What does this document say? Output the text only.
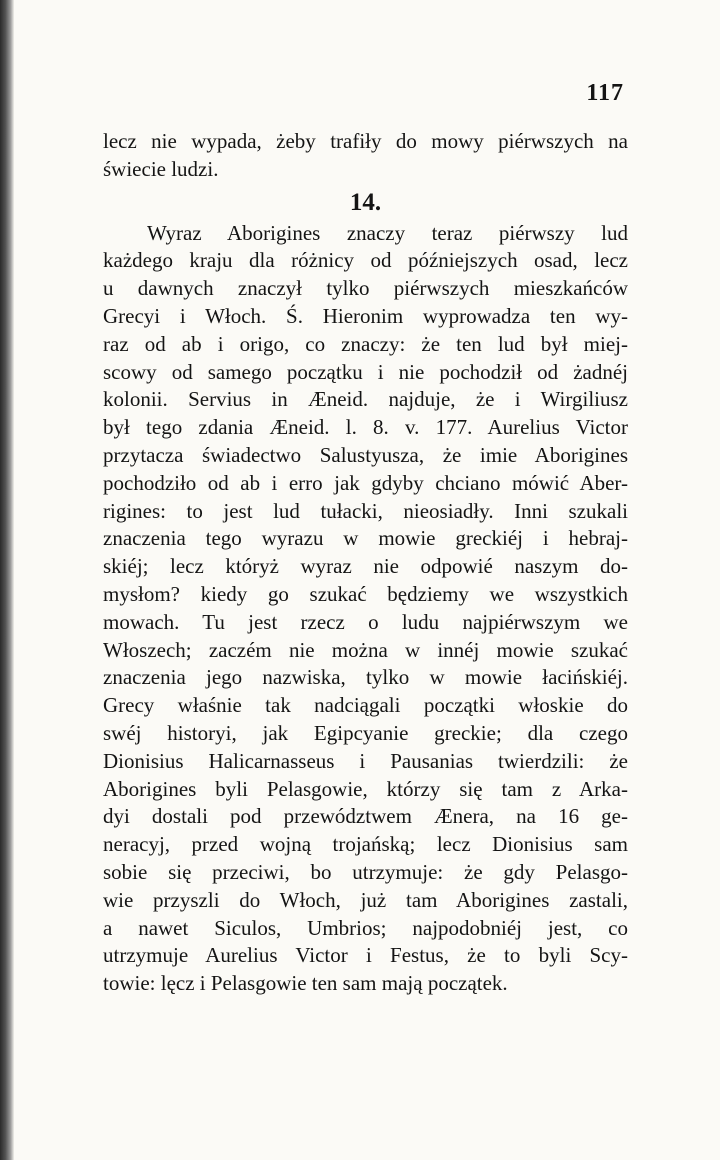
117
lecz nie wypada, żeby trafiły do mowy piérwszych na
świecie ludzi.
14.
Wyraz Aborigines znaczy teraz piérwszy lud
każdego kraju dla różnicy od późniejszych osad, lecz
u dawnych znaczył tylko piérwszych mieszkańców
Grecyi i Włoch. Ś. Hieronim wyprowadza ten wy-
raz od ab i origo, co znaczy: że ten lud był miej-
scowy od samego początku i nie pochodził od żadnéj
kolonii. Servius in Æneid. najduje, że i Wirgiliusz
był tego zdania Æneid. l. 8. v. 177. Aurelius Victor
przytacza świadectwo Salustyusza, że imie Aborigines
pochodziło od ab i erro jak gdyby chciano mówić Aber-
rigines: to jest lud tułacki, nieosiadły. Inni szukali
znaczenia tego wyrazu w mowie greckiéj i hebraj-
skiéj; lecz któryż wyraz nie odpowié naszym do-
mysłom? kiedy go szukać będziemy we wszystkich
mowach. Tu jest rzecz o ludu najpiérwszym we
Włoszech; zaczém nie można w innéj mowie szukać
znaczenia jego nazwiska, tylko w mowie łacińskiéj.
Grecy właśnie tak nadciągali początki włoskie do
swéj historyi, jak Egipcyanie greckie; dla czego
Dionisius Halicarnasseus i Pausanias twierdzili: że
Aborigines byli Pelasgowie, którzy się tam z Arka-
dyi dostali pod przewództwem Ænera, na 16 ge-
neracyj, przed wojną trojańską; lecz Dionisius sam
sobie się przeciwi, bo utrzymuje: że gdy Pelasgo-
wie przyszli do Włoch, już tam Aborigines zastali,
a nawet Siculos, Umbrios; najpodobniéj jest, co
utrzymuje Aurelius Victor i Festus, że to byli Scy-
towie: lęcz i Pelasgowie ten sam mają początek.
